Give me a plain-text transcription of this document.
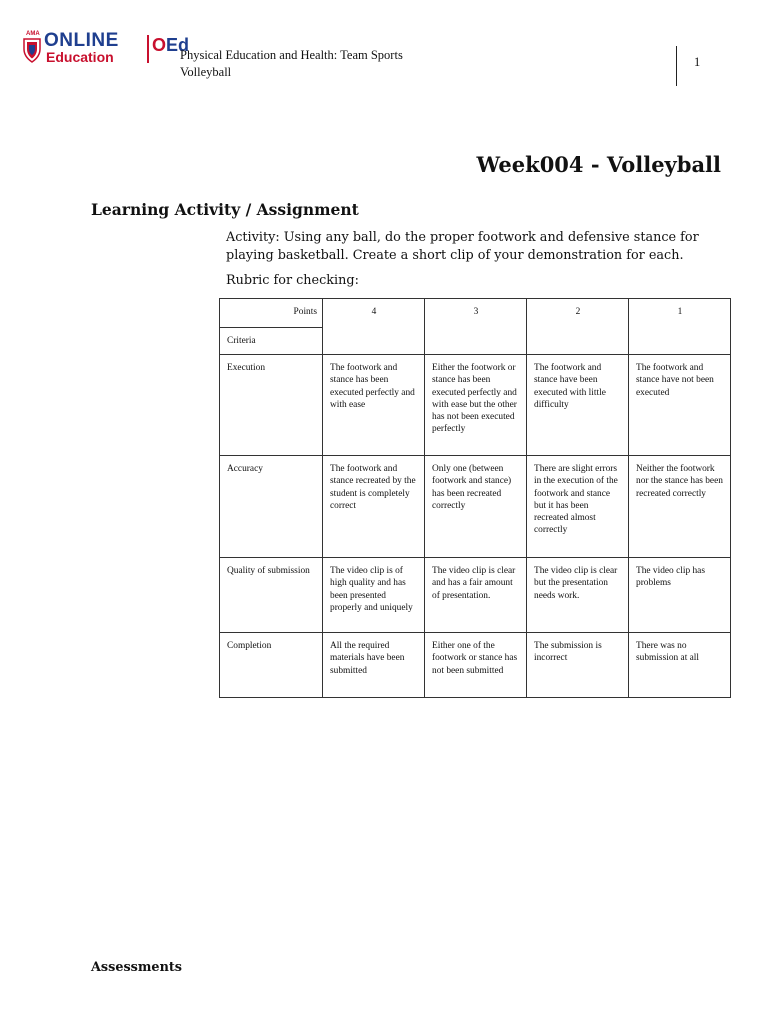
AMA ONLINE
Education
OEd
Physical Education and Health: Team Sports
Volleyball
1
Week004 - Volleyball
Learning Activity / Assignment
Activity: Using any ball, do the proper footwork and defensive stance for playing basketball. Create a short clip of your demonstration for each.
Rubric for checking:
Points	4	3	2	1
Criteria				
Execution	The footwork and stance has been executed perfectly and with ease	Either the footwork or stance has been executed perfectly and with ease but the other has not been executed perfectly	The footwork and stance have been executed with little difficulty	The footwork and stance have not been executed
Accuracy	The footwork and stance recreated by the student is completely correct	Only one (between footwork and stance) has been recreated correctly	There are slight errors in the execution of the footwork and stance but it has been recreated almost correctly	Neither the footwork nor the stance has been recreated correctly
Quality of submission	The video clip is of high quality and has been presented properly and uniquely	The video clip is clear and has a fair amount of presentation.	The video clip is clear but the presentation needs work.	The video clip has problems
Completion	All the required materials have been submitted	Either one of the footwork or stance has not been submitted	The submission is incorrect	There was no submission at all
Assessments
